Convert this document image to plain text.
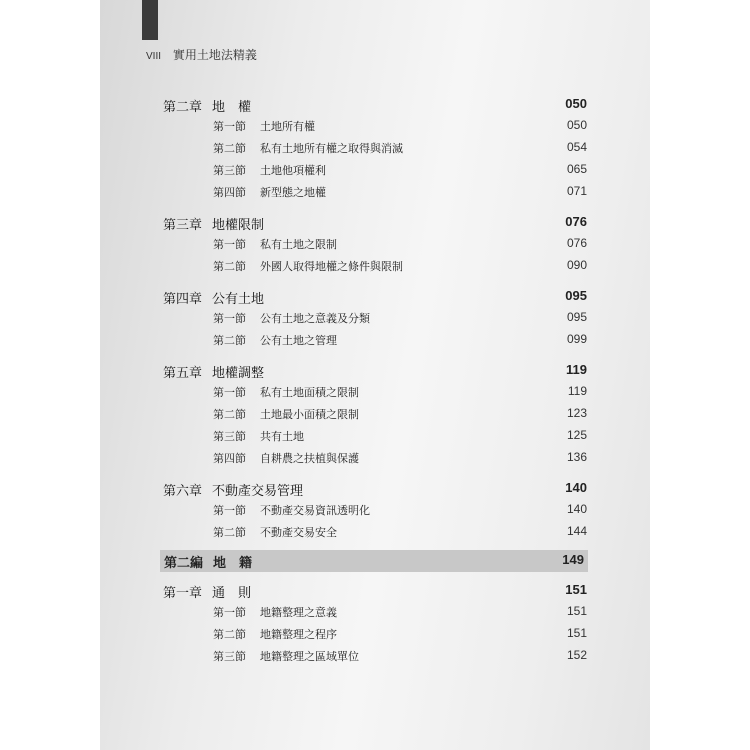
VIII 實用土地法精義
第二章 地　權	050
第一節 土地所有權	050
第二節 私有土地所有權之取得與消滅	054
第三節 土地他項權利	065
第四節 新型態之地權	071
第三章 地權限制	076
第一節 私有土地之限制	076
第二節 外國人取得地權之條件與限制	090
第四章 公有土地	095
第一節 公有土地之意義及分類	095
第二節 公有土地之管理	099
第五章 地權調整	119
第一節 私有土地面積之限制	119
第二節 土地最小面積之限制	123
第三節 共有土地	125
第四節 自耕農之扶植與保護	136
第六章 不動產交易管理	140
第一節 不動產交易資訊透明化	140
第二節 不動產交易安全	144
第二編 地　籍	149
第一章 通　則	151
第一節 地籍整理之意義	151
第二節 地籍整理之程序	151
第三節 地籍整理之區域單位	152
